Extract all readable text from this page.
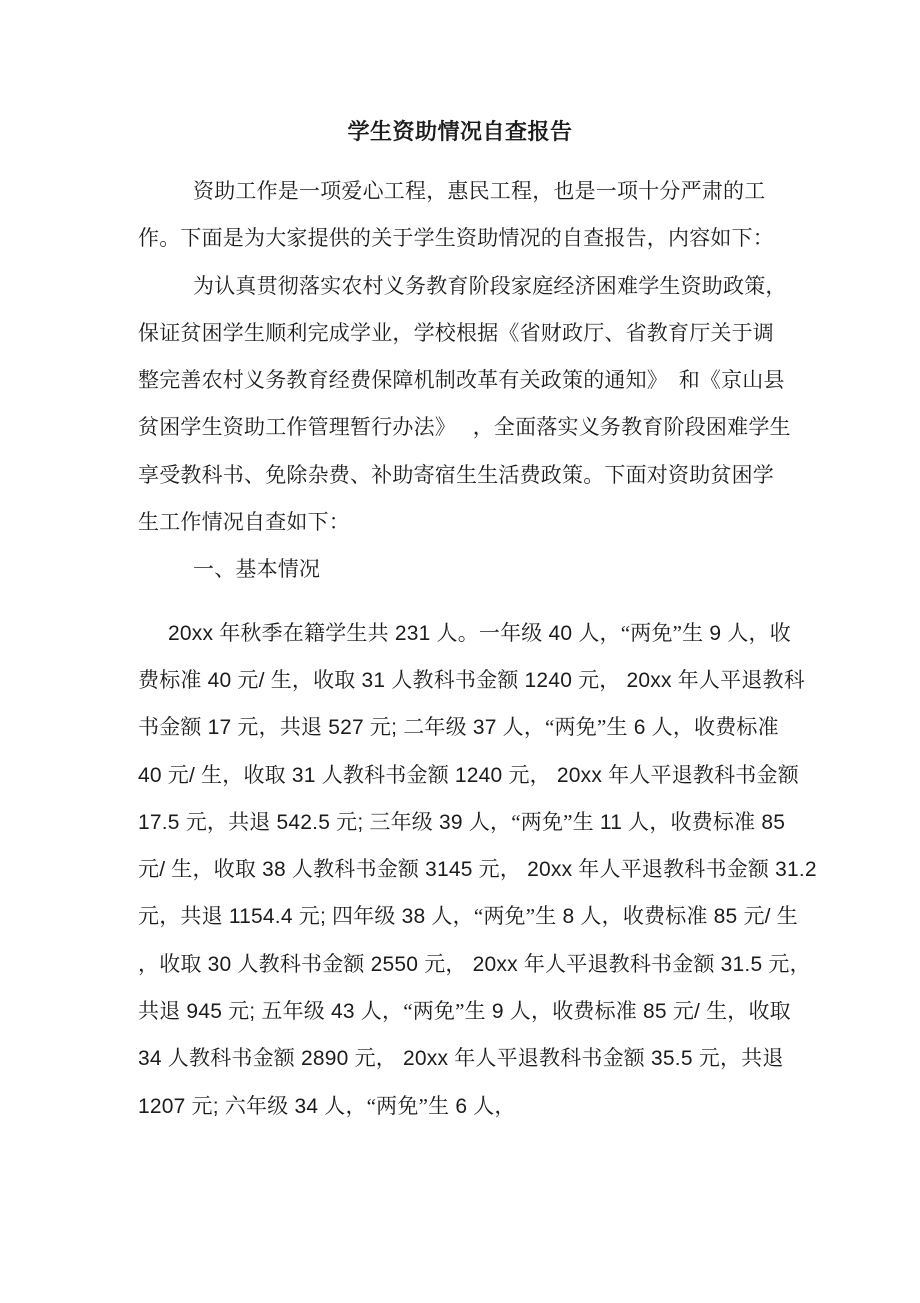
学生资助情况自查报告
资助工作是一项爱心工程，惠民工程，也是一项十分严肃的工
作。下面是为大家提供的关于学生资助情况的自查报告，内容如下：
为认真贯彻落实农村义务教育阶段家庭经济困难学生资助政策，
保证贫困学生顺利完成学业，学校根据《省财政厅、省教育厅关于调
整完善农村义务教育经费保障机制改革有关政策的通知》　和《京山县
贫困学生资助工作管理暂行办法》　 ，全面落实义务教育阶段困难学生
享受教科书、免除杂费、补助寄宿生生活费政策。下面对资助贫困学
生工作情况自查如下：
一、基本情况
20xx 年秋季在籍学生共 231 人。一年级 40 人，“两免”生 9 人，收
费标准 40 元/ 生，收取 31 人教科书金额 1240 元， 20xx 年人平退教科
书金额 17 元，共退 527 元; 二年级 37 人，“两免”生 6 人，收费标准
40 元/ 生，收取 31 人教科书金额 1240 元， 20xx 年人平退教科书金额
17.5 元，共退 542.5 元; 三年级 39 人，“两免”生 11 人，收费标准 85
元/ 生，收取 38 人教科书金额 3145 元， 20xx 年人平退教科书金额 31.2
元，共退 1154.4 元; 四年级 38 人，“两免”生 8 人，收费标准 85 元/ 生
，收取 30 人教科书金额 2550 元， 20xx 年人平退教科书金额 31.5 元，
共退 945 元; 五年级 43 人，“两免”生 9 人，收费标准 85 元/ 生，收取
34 人教科书金额 2890 元， 20xx 年人平退教科书金额 35.5 元，共退
1207 元; 六年级 34 人，“两免”生 6 人，
